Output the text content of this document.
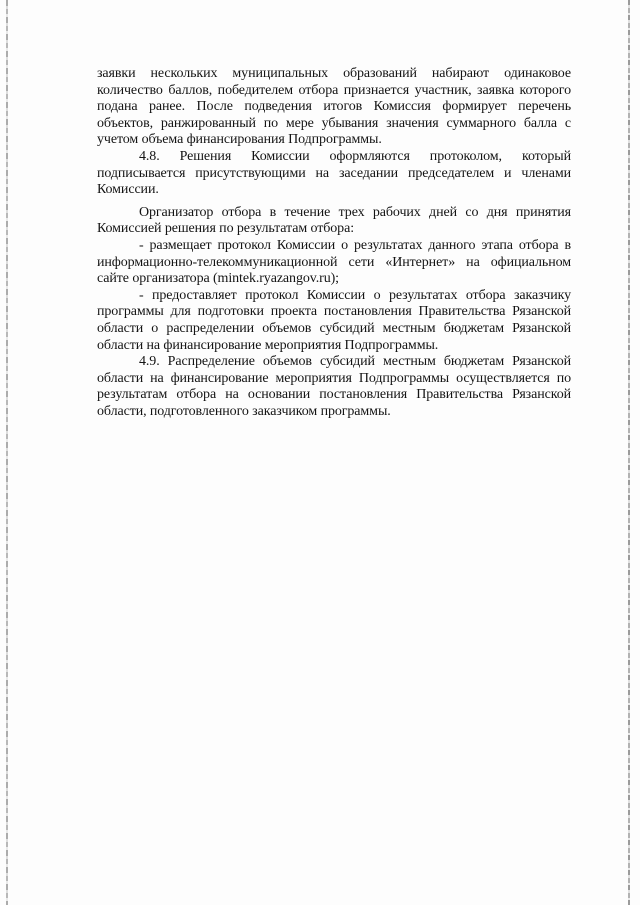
заявки нескольких муниципальных образований набирают одинаковое количество баллов, победителем отбора признается участник, заявка которого подана ранее. После подведения итогов Комиссия формирует перечень объектов, ранжированный по мере убывания значения суммарного балла с учетом объема финансирования Подпрограммы.

4.8. Решения Комиссии оформляются протоколом, который подписывается присутствующими на заседании председателем и членами Комиссии.

Организатор отбора в течение трех рабочих дней со дня принятия Комиссией решения по результатам отбора:

- размещает протокол Комиссии о результатах данного этапа отбора в информационно-телекоммуникационной сети «Интернет» на официальном сайте организатора (mintek.ryazangov.ru);

- предоставляет протокол Комиссии о результатах отбора заказчику программы для подготовки проекта постановления Правительства Рязанской области о распределении объемов субсидий местным бюджетам Рязанской области на финансирование мероприятия Подпрограммы.

4.9. Распределение объемов субсидий местным бюджетам Рязанской области на финансирование мероприятия Подпрограммы осуществляется по результатам отбора на основании постановления Правительства Рязанской области, подготовленного заказчиком программы.
